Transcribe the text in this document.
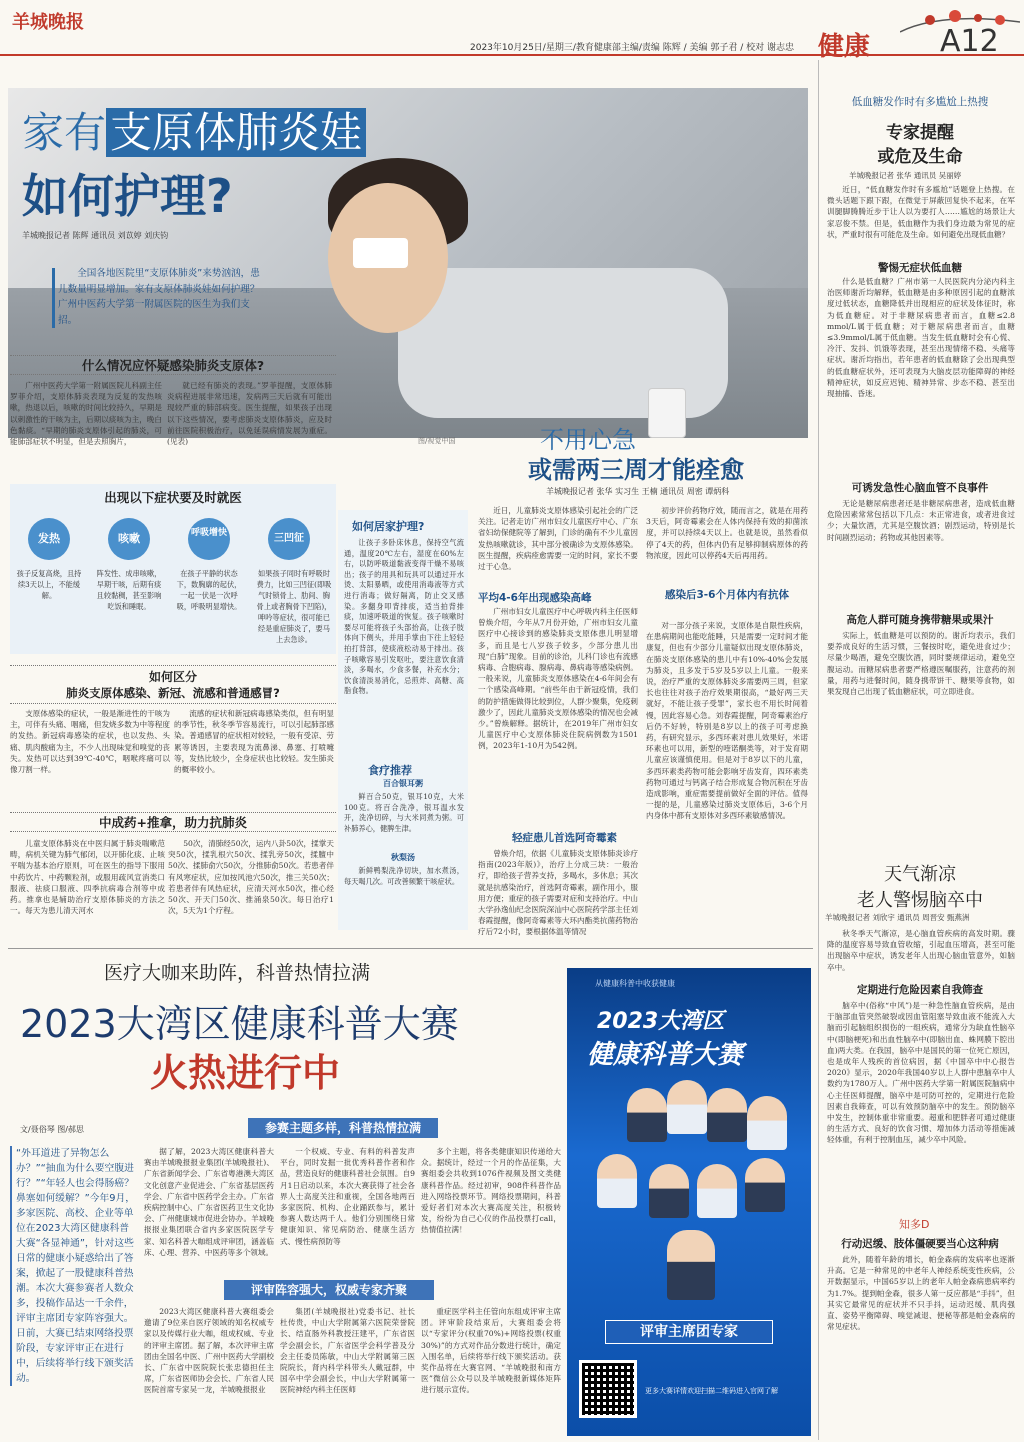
羊城晚报
2023年10月25日/星期三/教育健康部主编/责编 陈辉 / 美编 郭子君 / 校对 谢志忠 健康 A12
家有支原体肺炎娃
如何护理?
羊城晚报记者 陈辉 通讯员 刘苡婷 刘庆钧
全国各地医院里“支原体肺炎”来势汹汹，患儿数量明显增加。家有支原体肺炎娃如何护理？广州中医药大学第一附属医院的医生为我们支招。
图/视觉中国
什么情况应怀疑感染肺炎支原体?

广州中医药大学第一附属医院儿科副主任罗菲介绍，支原体肺炎表现为反复的发热咳嗽，热退以后，咳嗽的时间比较持久，早期是以刺激性的干咳为主，后期以痰咳为主，晚白色黏痰。“早期的肺炎支原体引起的肺炎，可能肺部症状不明显，但是去照胸片，

就已经有肺炎的表现。”罗菲提醒，支原体肺炎病程进展非常迅速，发病两三天后就有可能出现较严重的肺部病变。医生提醒，如果孩子出现以下这些情况，要考虑肺炎支原体肺炎，应及时前往医院积极治疗，以免延误病情发展为重症。(见表)

出现以下症状要及时就医
发热	咳嗽	呼吸增快	三凹征
孩子反复高烧，且持续3天以上，不能缓解。
阵发性、成串咳嗽，早期干咳，后期有痰且较黏稠，甚至影响吃饭和睡眠。
在孩子平静的状态下，数胸廓的起伏，一起一伏是一次呼吸，呼吸明显增快。
如果孩子同时有呼吸时费力，比如三凹征(即吸气时锁骨上、肋间、胸骨上或者胸骨下凹陷)，呻吟等症状，很可能已经是重症肺炎了，要马上去急诊。
如何区分
肺炎支原体感染、新冠、流感和普通感冒?

支原体感染的症状，一般是渐进性的干咳为主，可伴有头痛、咽痛，但发烧多数为中等程度的发热。新冠病毒感染的症状，也以发热、头痛、肌肉酸痛为主，不少人出现味觉和嗅觉的丧失。发热可以达到39℃-40℃，咽喉疼痛可以像刀割一样。

流感的症状和新冠病毒感染类似，但有明显的季节性，秋冬季节容易流行，可以引起肺部感染。普通感冒的症状相对较轻，一般有受凉、劳累等诱因，主要表现为流鼻涕、鼻塞、打喷嚏等，发热比较少，全身症状也比较轻。发生肺炎的概率较小。

中成药+推拿，助力抗肺炎

儿童支原体肺炎在中医归属于肺炎喘嗽范畴，病机关键为肺气郁闭，以开肺化痰、止咳平喘为基本治疗原则，可在医生的指导下服用中药饮片、中药颗粒剂，或服用疏风宣消类口服液、祛痰口服液、四季抗病毒合剂等中成药。推拿也是辅助治疗支原体肺炎的方法之一。每天为患儿清天河水

50次，清肺经50次，运内八卦50次，揉掌天突50次，揉乳根穴50次、揉乳旁50次，揉膻中50次、揉肺俞穴50次，分推肺俞50次。若患者伴有风寒症状，应加按风池穴50次，推三关50次；若患者伴有风热症状，应清天河水50次，推心经50次、开天门50次、推涌泉50次。每日治疗1次，5天为1个疗程。

如何居家护理?

让孩子多卧床休息，保持空气流通，温度20℃左右，湿度在60%左右，以防呼吸道黏液变得干燥不易咳出；孩子的用具和玩具可以通过开水烫、太阳暴晒，或使用消毒液等方式进行消毒；做好隔离，防止交叉感染。多翻身叩背排痰，适当拍背排痰，加速呼吸道的恢复。孩子咳嗽时要尽可能将孩子头部抬高，让孩子肢体向下侧头，并用手掌由下往上轻轻拍打背部，使痰液松动易于排出。孩子咳嗽容易引发呕吐，要注意饮食清淡，多喝水，少食多餐，补充水分；饮食清淡易消化，忌煎炸、高糖、高脂食物。

食疗推荐
百合银耳粥

鲜百合50克，银耳10克，大米100克。将百合洗净，银耳温水发开，洗净切碎，与大米同煮为粥。可补肺养心，健脾生津。

秋梨汤

新鲜鸭梨洗净切块，加水煮汤，每天喝几次。可改善频繁干咳症状。

不用心急
或需两三周才能痊愈
羊城晚报记者 张华 实习生 王楠 通讯员 周密 谭炳科

近日，儿童肺炎支原体感染引起社会的广泛关注。记者走访广州市妇女儿童医疗中心、广东省妇幼保健院等了解到，门诊的确有不少儿童因发热咳嗽就诊，其中部分被确诊为支原体感染。医生提醒，疾病痊愈需要一定的时间，家长不要过于心急。

平均4-6年出现感染高峰

广州市妇女儿童医疗中心呼吸内科主任医师曾焕介绍，今年从7月份开始，广州市妇女儿童医疗中心接诊到的感染肺炎支原体患儿明显增多，而且是七八岁孩子较多，少部分患儿出现“白肺”现象。目前的诊治，儿科门诊也有流感病毒、合胞病毒、腺病毒、鼻病毒等感染病例。一般来说，儿童肺炎支原体感染在4-6年间会有一个感染高峰期。“前些年由于新冠疫情，我们的防护措施做得比较到位，人群少聚集，免疫刺激少了，因此儿童肺炎支原体感染的情况也会减少。”曾焕解释。据统计，在2019年广州市妇女儿童医疗中心支原体肺炎住院病例数为1501例，2023年1-10月为542例。

轻症患儿首选阿奇霉素

曾焕介绍，依据《儿童肺炎支原体肺炎诊疗指南(2023年版)》，治疗上分成三块：一般治疗，即给孩子营养支持，多喝水，多休息；其次就是抗感染治疗，首选阿奇霉素，副作用小，服用方便；重症的孩子需要对症和支持治疗。中山大学孙逸仙纪念医院深汕中心医院药学部主任刘春霞提醒，像阿奇霉素等大环内酯类抗菌药物治疗后72小时，要根据体温等情况

初步评价药物疗效，随而言之，就是在用药3天后，阿奇霉素会在人体内保持有效的抑菌浓度，并可以持续4天以上。也就是说，虽然看似停了4天的药，但体内仍有足够抑制病原体的药物浓度，因此可以停药4天后再用药。

感染后3-6个月体内有抗体

对一部分孩子来说，支原体是自限性疾病，在患病期间也能吃能睡，只是需要一定时间才能康复，但也有少部分儿童疑似出现支原体肺炎，在肺炎支原体感染的患儿中有10%-40%会发展为肺炎，且多发于5岁及5岁以上儿童。一般来说，治疗严重的支原体肺炎多需要两三周，但家长也往往对孩子治疗效果期很高，“最好两三天就好，不能让孩子受罪”，家长也不用长时间着慢，因此容易心急。刘春霞提醒，阿奇霉素治疗后仍不好转，特别是8岁以上的孩子可考虑换药，有研究显示，多西环素对患儿效果好，米诺环素也可以用，新型的喹诺酮类等，对于发育期儿童应该谨慎使用。但是对于8岁以下的儿童，多西环素类药物可能会影响牙齿发育，四环素类药物可通过与钙离子结合形成复合物沉积在牙齿造成影响，重症需要提前做好全面的评估。值得一提的是，儿童感染过肺炎支原体后，3-6个月内身体中都有支原体对多西环素敏感情况。

低血糖发作时有多尴尬上热搜
专家提醒
或危及生命
羊城晚报记者 张华 通讯员 吴丽婷

近日，“低血糖发作时有多尴尬”话题登上热搜。在微头话题下跟下跟，在微觉于屏蔽回复快不起来，在军训腿脚腾腾近步于让人以为要打人……尴尬的场景让大家忍俊不禁。但是，低血糖作为我们身边最为常见的症状，严重时很有可能危及生命。如何避免出现低血糖？

警惕无症状低血糖

什么是低血糖？广州市第一人民医院内分泌内科主治医师谢沂均解释，低血糖是由多种原因引起的血糖浓度过低状态，血糖降低并出现相应的症状及体征时，称为低血糖症。对于非糖尿病患者而言，血糖≤2.8 mmol/L属于低血糖；对于糖尿病患者而言，血糖≤3.9mmol/L属于低血糖。当发生低血糖时会有心慌、冷汗、发抖、饥饿等表现，甚至出现情绪不稳、头痛等症状。谢沂均指出，若年患者的低血糖除了会出现典型的低血糖症状外，还可表现为大脑皮层功能障碍的神经精神症状，如反应迟钝、精神异常、步态不稳、甚至出现抽搐、昏迷。

可诱发急性心脑血管不良事件

无论是糖尿病患者还是非糖尿病患者，造成低血糖危险因素常常包括以下几点：未正常进食，或者进食过少；大量饮酒，尤其是空腹饮酒；剧烈运动，特别是长时间剧烈运动；药物或其他因素等。

高危人群可随身携带糖果或果汁

实际上，低血糖是可以预防的。谢沂均表示，我们要养成良好的生活习惯，三餐按时吃，避免进食过少；尽量少喝酒，避免空腹饮酒，同时要规律运动，避免空腹运动。而糖尿病患者要严格遵医嘱服药，注意药的剂量，用药与进餐时间，随身携带饼干、糖果等食物，如果发现自己出现了低血糖症状，可立即进食。

天气渐凉
老人警惕脑卒中
羊城晚报记者 刘欣宇 通讯员 周晋安 甄燕洲

秋冬季天气渐凉，是心脑血管疾病的高发时期。骤降的温度容易导致血管收缩，引起血压增高，甚至可能出现脑卒中症状，诱发老年人出现心脑血管意外，如脑卒中。

定期进行危险因素自我筛查

脑卒中(俗称“中风”)是一种急性脑血管疾病，是由于脑部血管突然破裂或因血管阻塞导致血液不能流入大脑而引起脑组织损伤的一组疾病，通常分为缺血性脑卒中(即脑梗死)和出血性脑卒中(即脑出血、蛛网膜下腔出血)两大类。在我国，脑卒中是国民的第一位死亡原因，也是成年人残疾的首位病因，据《中国卒中中心报告2020》显示，2020年我国40岁以上人群中患脑卒中人数约为1780万人。广州中医药大学第一附属医院脑病中心主任医师提醒，脑卒中是可防可控的，定期进行危险因素自我筛查，可以有效预防脑卒中的发生。预防脑卒中发生，控制体重非常重要。超重和肥胖者可通过健康的生活方式、良好的饮食习惯、增加体力活动等措施减轻体重，有利于控制血压，减少卒中风险。

知多D
行动迟缓、肢体僵硬要当心这种病

此外，随着年龄的增长，帕金森病的发病率也逐渐升高。它是一种常见的中老年人神经系统变性疾病，公开数据显示，中国65岁以上的老年人帕金森病患病率约为1.7%。提到帕金森，很多人第一反应都是“手抖”，但其实它最常见的症状并不只手抖，运动迟缓、肌肉强直、姿势平衡障碍、嗅觉减退、便秘等都是帕金森病的常见症状。

医疗大咖来助阵，科普热情拉满
2023大湾区健康科普大赛
火热进行中
文/聂俗琴 图/郝思	参赛主题多样，科普热情拉满
“外耳道进了异物怎么办？”“抽血为什么要空腹进行？”“年轻人也会得肠癌？鼻塞如何缓解？”今年9月，多家医院、高校、企业等单位在2023大湾区健康科普大赛“各显神通”，针对这些日常的健康小疑惑给出了答案，掀起了一股健康科普热潮。本次大赛参赛者人数众多，投稿作品达一千余件，评审主席团专家阵容强大。日前，大赛已结束网络投票阶段，专家评审正在进行中，后续将举行线下颁奖活动。

据了解，2023大湾区健康科普大赛由羊城晚报报业集团(羊城晚报社)、广东省新闻学会、广东省粤港澳大湾区文化创意产业促进会、广东省基层医药学会、广东省中医药学会主办。广东省疾病控制中心、广东省医药卫生文化协会、广州健康城市促进会协办。羊城晚报报业集团联合省内多家医院医学专家、知名科普大咖组成评审团，涵盖临床、心理、营养、中医药等多个领域。

一个权威、专业、有料的科普发声平台，同时发掘一批优秀科普作者和作品，营造良好的健康科普社会氛围。自9月1日启动以来，本次大赛获得了社会各界人士高度关注和重视，全国各地两百多家医院、机构、企业踊跃参与，累计参赛人数达两千人。他们分别围绕日常健康知识、常见病防治、健康生活方式、慢性病预防等

多个主题，将各类健康知识传递给大众。据统计，经过一个月的作品征集，大赛组委会共收到1076件视频及图文类健康科普作品。经过初审，908件科普作品进入网络投票环节。网络投票期间，科普爱好者们对本次大赛高度关注，积极转发，纷纷为自己心仪的作品投票打call，热情值拉满！

评审阵容强大，权威专家齐聚

2023大湾区健康科普大赛组委会邀请了9位来自医疗领域的知名权威专家以及传媒行业大咖，组成权威、专业的评审主席团。据了解，本次评审主席团由全国名中医、广州中医药大学副校长、广东省中医院院长张忠德担任主席，广东省医师协会会长、广东省人民医院首席专家吴一龙，羊城晚报报业

集团(羊城晚报社)党委书记、社长杜传贵，中山大学附属第六医院荣誉院长、结直肠外科教授汪建平，广东省医学会副会长，广东省医学会科学普及分会主任委员陈敏，中山大学附属第三医院院长，肾内科学科带头人戴冠群，中国卒中学会副会长，中山大学附属第一医院神经内科主任医师

重症医学科主任管向东组成评审主席团。评审阶段结束后，大赛组委会将以“专家评分(权重70%)+网络投票(权重30%)”的方式对作品分数进行统计，确定入围名单，后续将举行线下颁奖活动。获奖作品将在大赛官网、“羊城晚报和南方医”微信公众号以及羊城晚报新媒体矩阵进行展示宣传。

从健康科普中收获健康
2023大湾区
健康科普大赛
评审主席团专家
更多大赛详情欢迎扫描二维码进入官网了解
